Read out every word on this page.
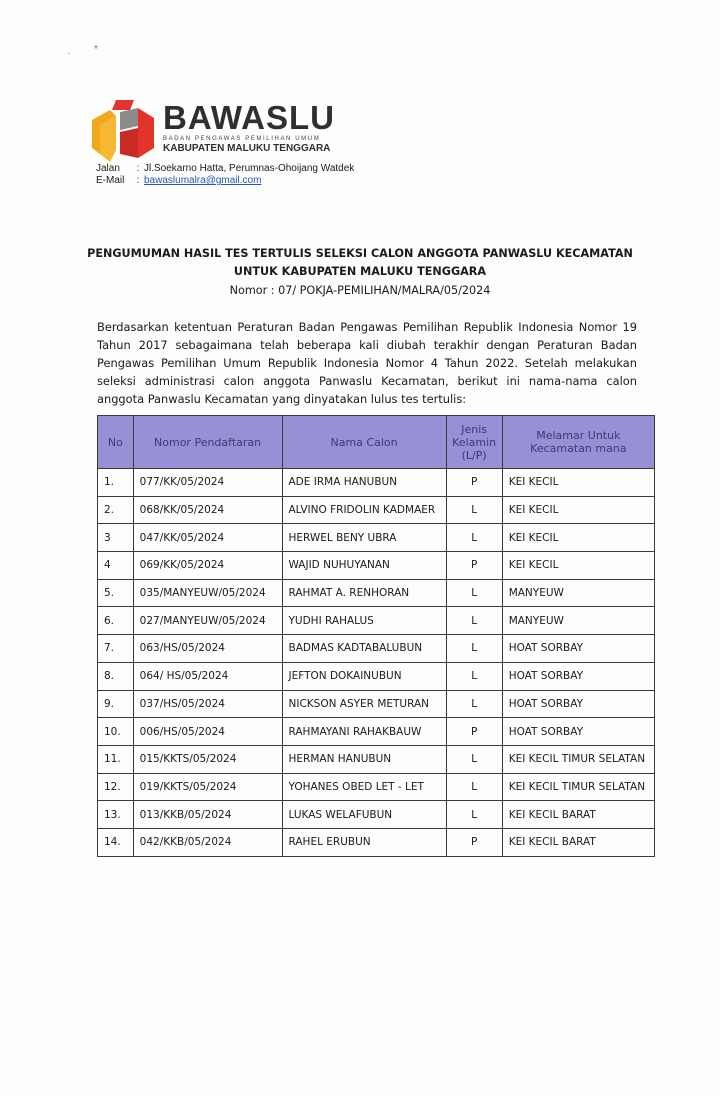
· *
BAWASLU
BADAN PENGAWAS PEMILIHAN UMUM
KABUPATEN MALUKU TENGGARA
Jalan	: Jl.Soekarno Hatta, Perumnas-Ohoijang Watdek
E-Mail	: bawaslumalra@gmail.com
PENGUMUMAN HASIL TES TERTULIS SELEKSI CALON ANGGOTA PANWASLU KECAMATAN
UNTUK KABUPATEN MALUKU TENGGARA
Nomor : 07/ POKJA-PEMILIHAN/MALRA/05/2024

Berdasarkan ketentuan Peraturan Badan Pengawas Pemilihan Republik Indonesia Nomor 19 Tahun 2017 sebagaimana telah beberapa kali diubah terakhir dengan Peraturan Badan Pengawas Pemilihan Umum Republik Indonesia Nomor 4 Tahun 2022. Setelah melakukan seleksi administrasi calon anggota Panwaslu Kecamatan, berikut ini nama-nama calon anggota Panwaslu Kecamatan yang dinyatakan lulus tes tertulis:

No	Nomor Pendaftaran	Nama Calon	Jenis Kelamin (L/P)	Melamar Untuk Kecamatan mana
1.	077/KK/05/2024	ADE IRMA HANUBUN	P	KEI KECIL
2.	068/KK/05/2024	ALVINO FRIDOLIN KADMAER	L	KEI KECIL
3	047/KK/05/2024	HERWEL BENY UBRA	L	KEI KECIL
4	069/KK/05/2024	WAJID NUHUYANAN	P	KEI KECIL
5.	035/MANYEUW/05/2024	RAHMAT A. RENHORAN	L	MANYEUW
6.	027/MANYEUW/05/2024	YUDHI RAHALUS	L	MANYEUW
7.	063/HS/05/2024	BADMAS KADTABALUBUN	L	HOAT SORBAY
8.	064/ HS/05/2024	JEFTON DOKAINUBUN	L	HOAT SORBAY
9.	037/HS/05/2024	NICKSON ASYER METURAN	L	HOAT SORBAY
10.	006/HS/05/2024	RAHMAYANI RAHAKBAUW	P	HOAT SORBAY
11.	015/KKTS/05/2024	HERMAN HANUBUN	L	KEI KECIL TIMUR SELATAN
12.	019/KKTS/05/2024	YOHANES OBED LET - LET	L	KEI KECIL TIMUR SELATAN
13.	013/KKB/05/2024	LUKAS WELAFUBUN	L	KEI KECIL BARAT
14.	042/KKB/05/2024	RAHEL ERUBUN	P	KEI KECIL BARAT
